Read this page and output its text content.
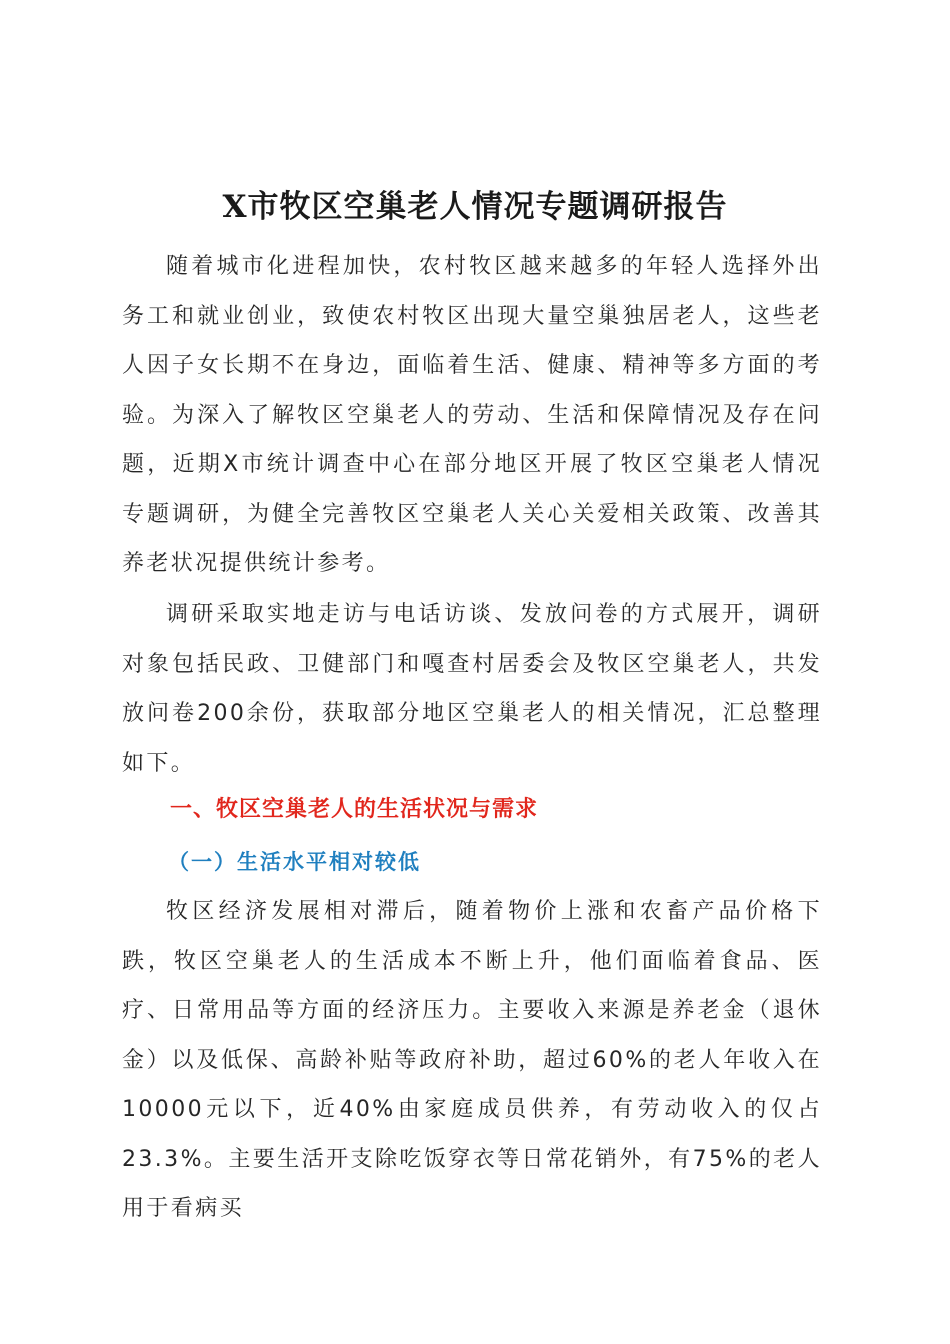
X市牧区空巢老人情况专题调研报告

随着城市化进程加快，农村牧区越来越多的年轻人选择外出务工和就业创业，致使农村牧区出现大量空巢独居老人，这些老人因子女长期不在身边，面临着生活、健康、精神等多方面的考验。为深入了解牧区空巢老人的劳动、生活和保障情况及存在问题，近期X市统计调查中心在部分地区开展了牧区空巢老人情况专题调研，为健全完善牧区空巢老人关心关爱相关政策、改善其养老状况提供统计参考。

调研采取实地走访与电话访谈、发放问卷的方式展开，调研对象包括民政、卫健部门和嘎查村居委会及牧区空巢老人，共发放问卷200余份，获取部分地区空巢老人的相关情况，汇总整理如下。

一、牧区空巢老人的生活状况与需求
（一）生活水平相对较低

牧区经济发展相对滞后，随着物价上涨和农畜产品价格下跌，牧区空巢老人的生活成本不断上升，他们面临着食品、医疗、日常用品等方面的经济压力。主要收入来源是养老金（退休金）以及低保、高龄补贴等政府补助，超过60%的老人年收入在10000元以下，近40%由家庭成员供养，有劳动收入的仅占23.3%。主要生活开支除吃饭穿衣等日常花销外，有75%的老人用于看病买
